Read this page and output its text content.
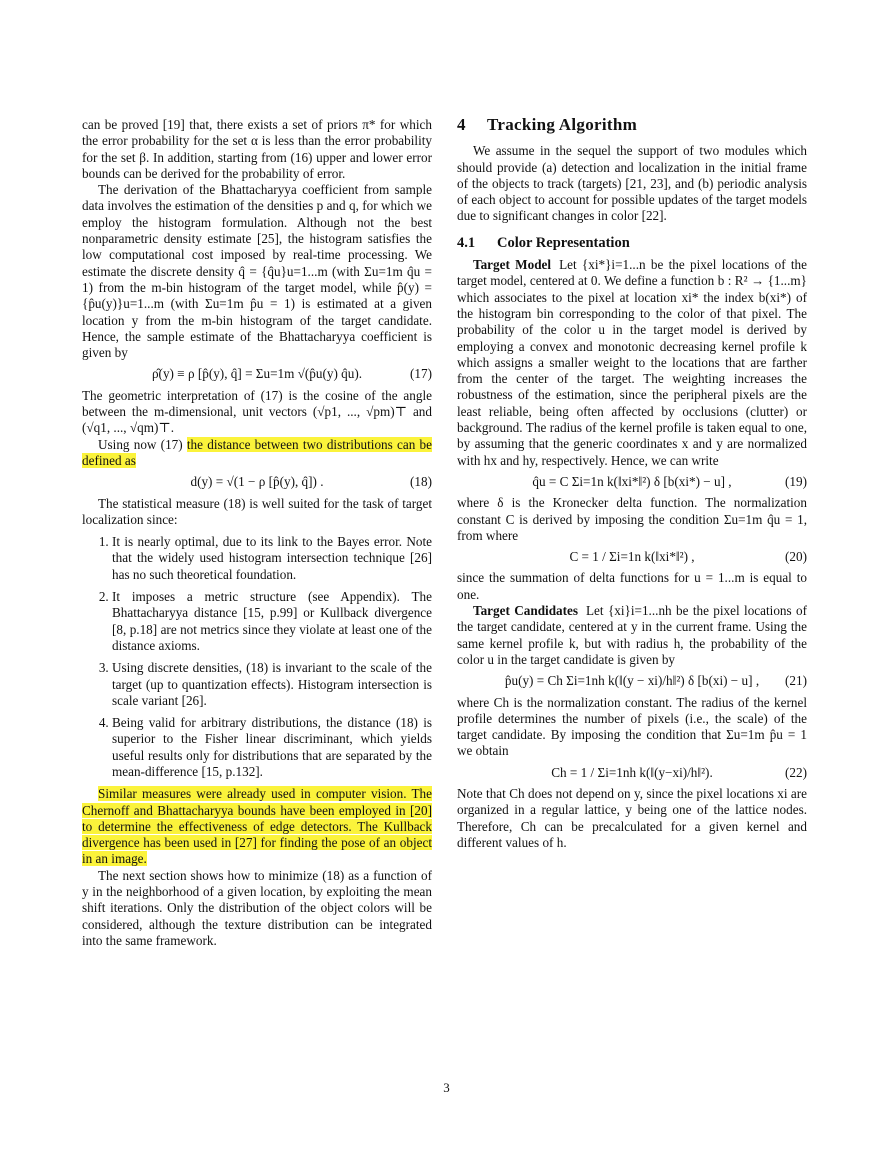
can be proved [19] that, there exists a set of priors π* for which the error probability for the set α is less than the error probability for the set β. In addition, starting from (16) upper and lower error bounds can be derived for the probability of error.

The derivation of the Bhattacharyya coefficient from sample data involves the estimation of the densities p and q, for which we employ the histogram formulation. Although not the best nonparametric density estimate [25], the histogram satisfies the low computational cost imposed by real-time processing. We estimate the discrete density q̂ = {q̂u}u=1...m (with Σu=1m q̂u = 1) from the m-bin histogram of the target model, while p̂(y) = {p̂u(y)}u=1...m (with Σu=1m p̂u = 1) is estimated at a given location y from the m-bin histogram of the target candidate. Hence, the sample estimate of the Bhattacharyya coefficient is given by

ρ̂(y) ≡ ρ [p̂(y), q̂] = Σu=1m √(p̂u(y) q̂u).	(17)

The geometric interpretation of (17) is the cosine of the angle between the m-dimensional, unit vectors (√p1, ..., √pm)⊤ and (√q1, ..., √qm)⊤.

Using now (17) the distance between two distributions can be defined as

d(y) = √(1 − ρ [p̂(y), q̂]) .	(18)

The statistical measure (18) is well suited for the task of target localization since:

1. It is nearly optimal, due to its link to the Bayes error. Note that the widely used histogram intersection technique [26] has no such theoretical foundation.
2. It imposes a metric structure (see Appendix). The Bhattacharyya distance [15, p.99] or Kullback divergence [8, p.18] are not metrics since they violate at least one of the distance axioms.
3. Using discrete densities, (18) is invariant to the scale of the target (up to quantization effects). Histogram intersection is scale variant [26].
4. Being valid for arbitrary distributions, the distance (18) is superior to the Fisher linear discriminant, which yields useful results only for distributions that are separated by the mean-difference [15, p.132].

Similar measures were already used in computer vision. The Chernoff and Bhattacharyya bounds have been employed in [20] to determine the effectiveness of edge detectors. The Kullback divergence has been used in [27] for finding the pose of an object in an image.

The next section shows how to minimize (18) as a function of y in the neighborhood of a given location, by exploiting the mean shift iterations. Only the distribution of the object colors will be considered, although the texture distribution can be integrated into the same framework.

4 Tracking Algorithm

We assume in the sequel the support of two modules which should provide (a) detection and localization in the initial frame of the objects to track (targets) [21, 23], and (b) periodic analysis of each object to account for possible updates of the target models due to significant changes in color [22].

4.1 Color Representation

Target Model Let {xi*}i=1...n be the pixel locations of the target model, centered at 0. We define a function b : R² → {1...m} which associates to the pixel at location xi* the index b(xi*) of the histogram bin corresponding to the color of that pixel. The probability of the color u in the target model is derived by employing a convex and monotonic decreasing kernel profile k which assigns a smaller weight to the locations that are farther from the center of the target. The weighting increases the robustness of the estimation, since the peripheral pixels are the least reliable, being often affected by occlusions (clutter) or background. The radius of the kernel profile is taken equal to one, by assuming that the generic coordinates x and y are normalized with hx and hy, respectively. Hence, we can write

q̂u = C Σi=1n k(‖xi*‖²) δ [b(xi*) − u] ,	(19)

where δ is the Kronecker delta function. The normalization constant C is derived by imposing the condition Σu=1m q̂u = 1, from where

C = 1 / Σi=1n k(‖xi*‖²) ,	(20)

since the summation of delta functions for u = 1...m is equal to one.

Target Candidates Let {xi}i=1...nh be the pixel locations of the target candidate, centered at y in the current frame. Using the same kernel profile k, but with radius h, the probability of the color u in the target candidate is given by

p̂u(y) = Ch Σi=1nh k(‖(y − xi)/h‖²) δ [b(xi) − u] , (21)

where Ch is the normalization constant. The radius of the kernel profile determines the number of pixels (i.e., the scale) of the target candidate. By imposing the condition that Σu=1m p̂u = 1 we obtain

Ch = 1 / Σi=1nh k(‖(y−xi)/h‖²).	(22)

Note that Ch does not depend on y, since the pixel locations xi are organized in a regular lattice, y being one of the lattice nodes. Therefore, Ch can be precalculated for a given kernel and different values of h.

3
